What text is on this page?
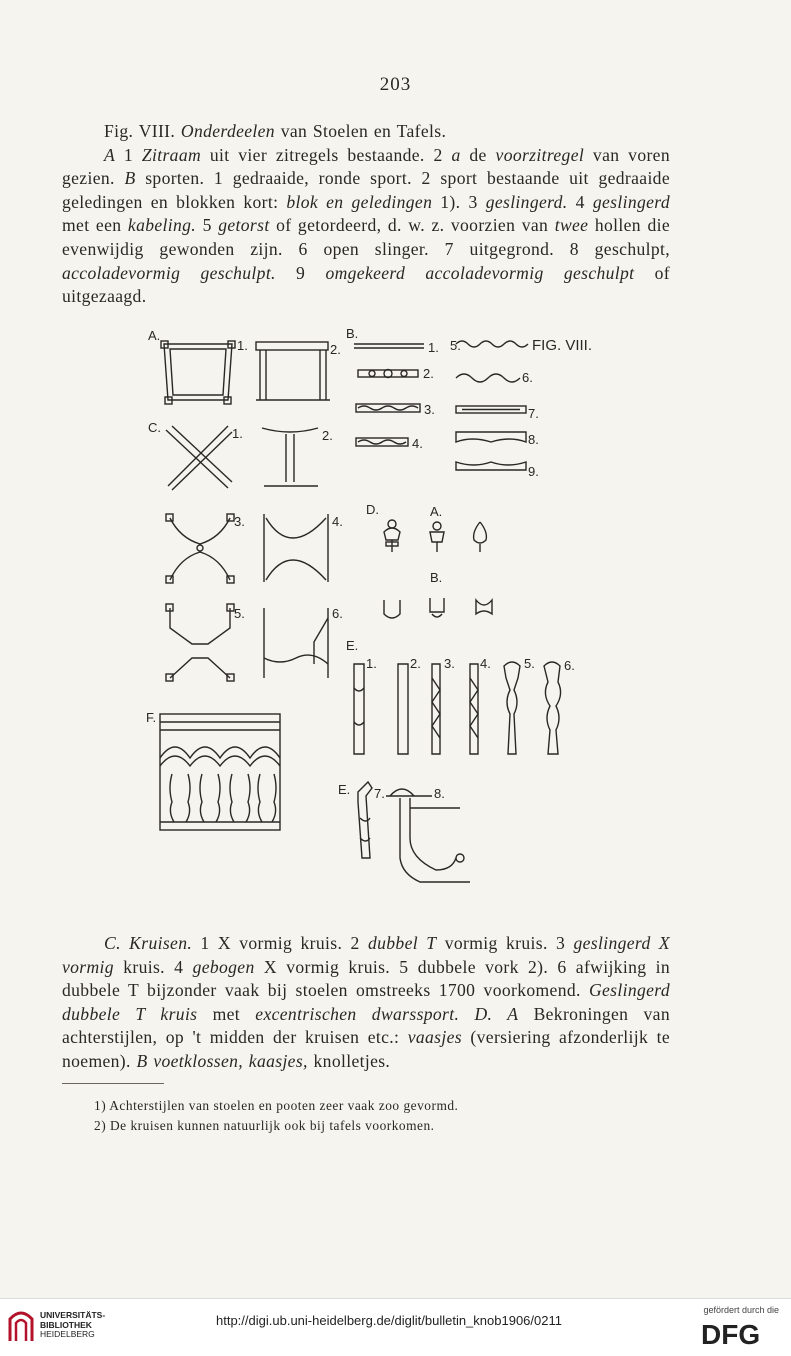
203

Fig. VIII. Onderdeelen van Stoelen en Tafels.

A 1 Zitraam uit vier zitregels bestaande. 2 a de voorzitregel van voren gezien. B sporten. 1 gedraaide, ronde sport. 2 sport bestaande uit gedraaide geledingen en blokken kort: blok en geledingen 1). 3 geslingerd. 4 geslingerd met een kabeling. 5 getorst of getordeerd, d. w. z. voorzien van twee hollen die evenwijdig gewonden zijn. 6 open slinger. 7 uitgegrond. 8 geschulpt, accoladevormig geschulpt. 9 omgekeerd accoladevormig geschulpt of uitgezaagd.

A.
1.	2.
B.
1.
2.
3.
4.
5.	FIG. VIII.
6.
7.
8.
9.
C.	1.	2.
3.	4.
5.	6.
D.	A.
B.
E.
1.	2. 3. 4.	5. 6.
F.
E. 7.	8.

C. Kruisen. 1 X vormig kruis. 2 dubbel T vormig kruis. 3 geslingerd X vormig kruis. 4 gebogen X vormig kruis. 5 dubbele vork 2). 6 afwijking in dubbele T bijzonder vaak bij stoelen omstreeks 1700 voorkomend. Geslingerd dubbele T kruis met excentrischen dwarssport. D. A Bekroningen van achterstijlen, op 't midden der kruisen etc.: vaasjes (versiering afzonderlijk te noemen). B voetklossen, kaasjes, knolletjes.

1) Achterstijlen van stoelen en pooten zeer vaak zoo gevormd.

2) De kruisen kunnen natuurlijk ook bij tafels voorkomen.

UNIVERSITÄTS-
BIBLIOTHEK
HEIDELBERG
http://digi.ub.uni-heidelberg.de/diglit/bulletin_knob1906/0211
gefördert durch die
DFG
